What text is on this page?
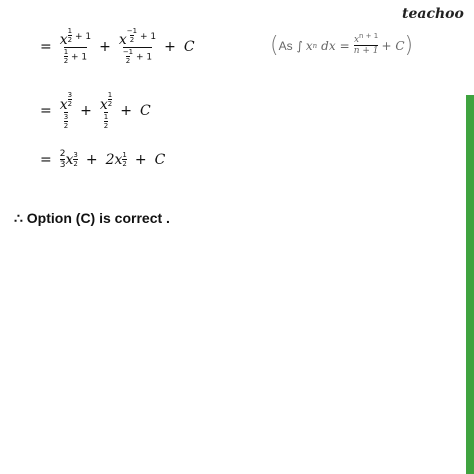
teachoo
= x $^{\frac{1}{2} + 1}$
$\frac{1}{2} + 1 + x$ $^{\frac{-1}{2} + 1}$
$\frac{-1}{2} + 1 + C$	( As ∫ x n dx = $\frac{x^{n + 1}}{n + 1} + C$ )
= x $^{\frac{3}{2}}$
$\frac{3}{2} + x$ $^{\frac{1}{2}}$
$\frac{1}{2} + C$
= $\frac{2}{3}$ x $\frac{3}{2} + 2x \frac{1}{2} + C$
∴ Option (C) is correct .
